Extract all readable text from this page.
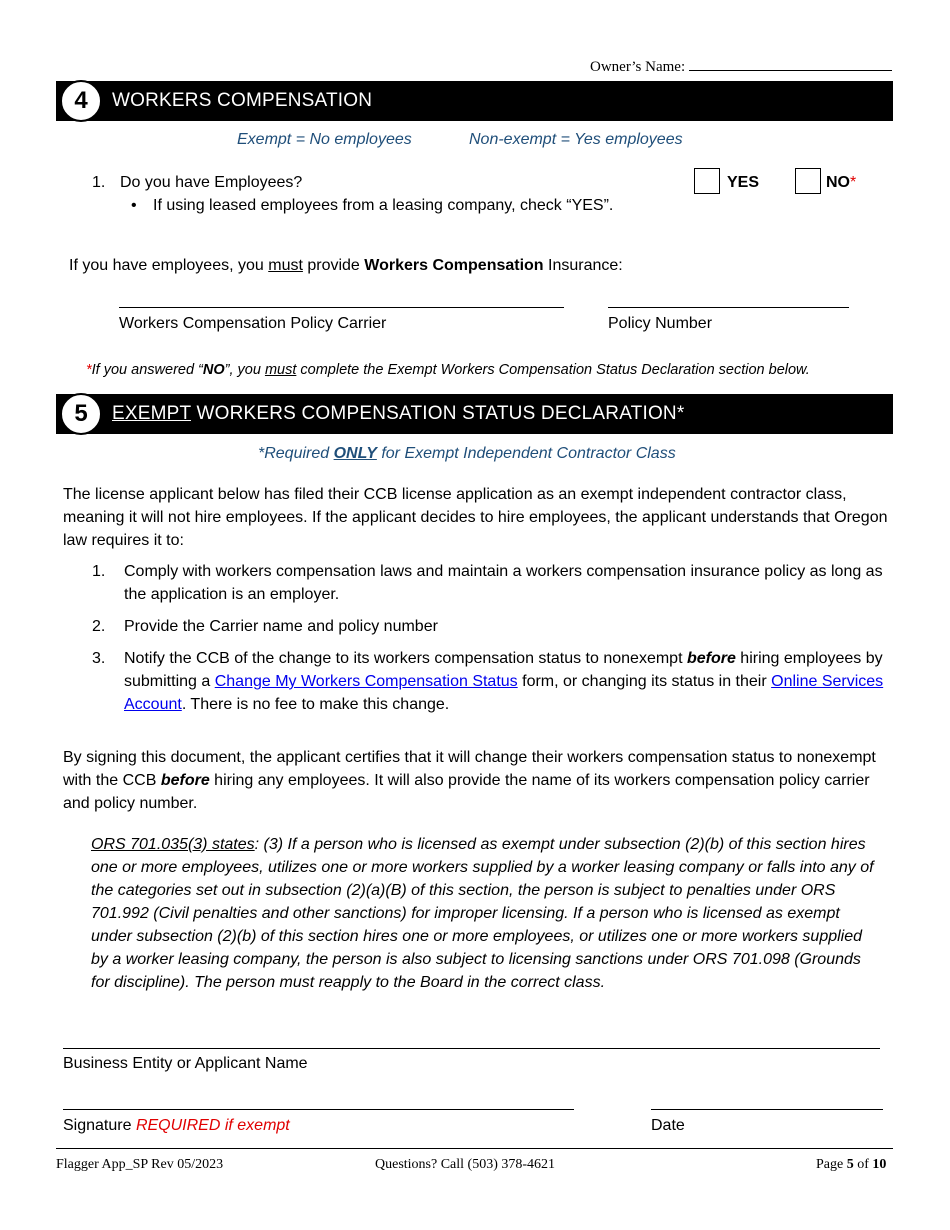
Owner’s Name:
4	WORKERS COMPENSATION
Exempt = No employees	Non-exempt = Yes employees
1. Do you have Employees?
• If using leased employees from a leasing company, check “YES”.
YES	NO*
If you have employees, you must provide Workers Compensation Insurance:
Workers Compensation Policy Carrier	Policy Number
*If you answered “NO”, you must complete the Exempt Workers Compensation Status Declaration section below.
5	EXEMPT WORKERS COMPENSATION STATUS DECLARATION*
*Required ONLY for Exempt Independent Contractor Class
The license applicant below has filed their CCB license application as an exempt independent contractor class, meaning it will not hire employees. If the applicant decides to hire employees, the applicant understands that Oregon law requires it to:
1. Comply with workers compensation laws and maintain a workers compensation insurance policy as long as the application is an employer.
2. Provide the Carrier name and policy number
3. Notify the CCB of the change to its workers compensation status to nonexempt before hiring employees by submitting a Change My Workers Compensation Status form, or changing its status in their Online Services Account. There is no fee to make this change.
By signing this document, the applicant certifies that it will change their workers compensation status to nonexempt with the CCB before hiring any employees. It will also provide the name of its workers compensation policy carrier and policy number.
ORS 701.035(3) states: (3) If a person who is licensed as exempt under subsection (2)(b) of this section hires one or more employees, utilizes one or more workers supplied by a worker leasing company or falls into any of the categories set out in subsection (2)(a)(B) of this section, the person is subject to penalties under ORS 701.992 (Civil penalties and other sanctions) for improper licensing. If a person who is licensed as exempt under subsection (2)(b) of this section hires one or more employees, or utilizes one or more workers supplied by a worker leasing company, the person is also subject to licensing sanctions under ORS 701.098 (Grounds for discipline). The person must reapply to the Board in the correct class.
Business Entity or Applicant Name
Signature REQUIRED if exempt	Date
Flagger App_SP Rev 05/2023	Questions? Call (503) 378-4621	Page 5 of 10
